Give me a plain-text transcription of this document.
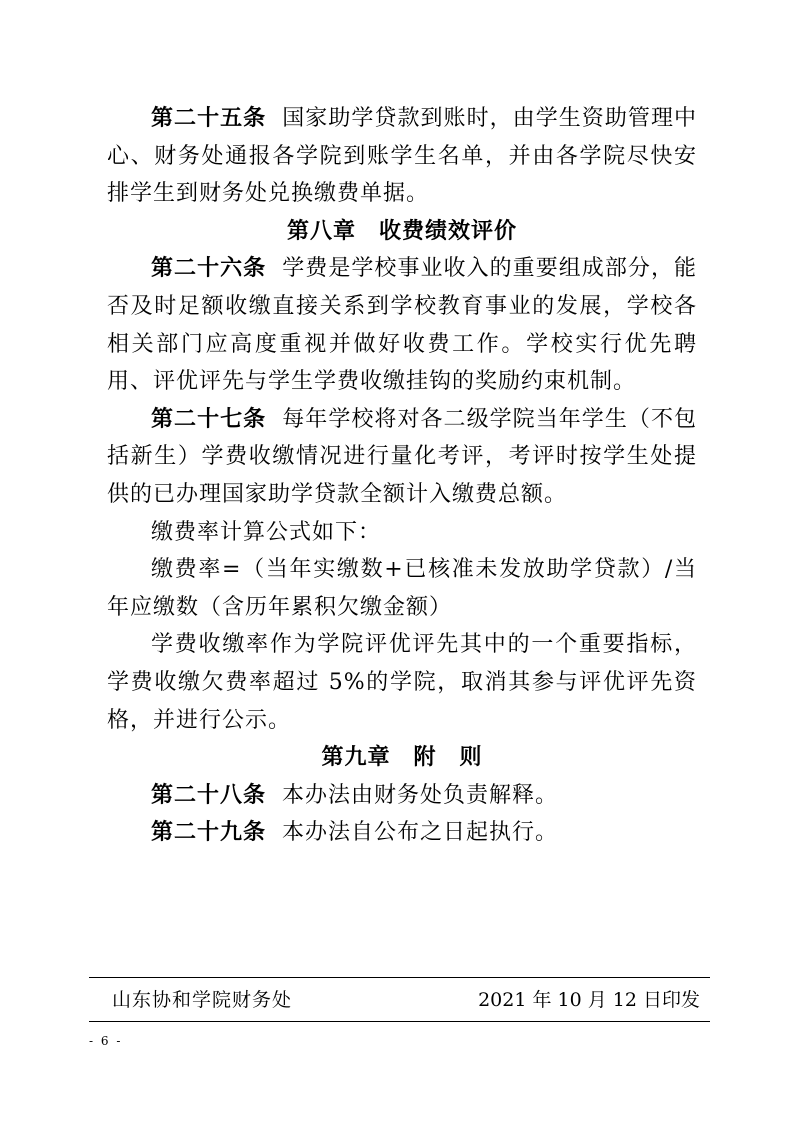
第二十五条 国家助学贷款到账时，由学生资助管理中心、财务处通报各学院到账学生名单，并由各学院尽快安排学生到财务处兑换缴费单据。

第八章　收费绩效评价

第二十六条 学费是学校事业收入的重要组成部分，能否及时足额收缴直接关系到学校教育事业的发展，学校各相关部门应高度重视并做好收费工作。学校实行优先聘用、评优评先与学生学费收缴挂钩的奖励约束机制。

第二十七条 每年学校将对各二级学院当年学生（不包括新生）学费收缴情况进行量化考评，考评时按学生处提供的已办理国家助学贷款全额计入缴费总额。

缴费率计算公式如下：

缴费率=（当年实缴数+已核准未发放助学贷款）/当年应缴数（含历年累积欠缴金额）

学费收缴率作为学院评优评先其中的一个重要指标，学费收缴欠费率超过 5%的学院，取消其参与评优评先资格，并进行公示。

第九章　附　则

第二十八条 本办法由财务处负责解释。

第二十九条 本办法自公布之日起执行。

山东协和学院财务处	2021 年 10 月 12 日印发
- 6 -
